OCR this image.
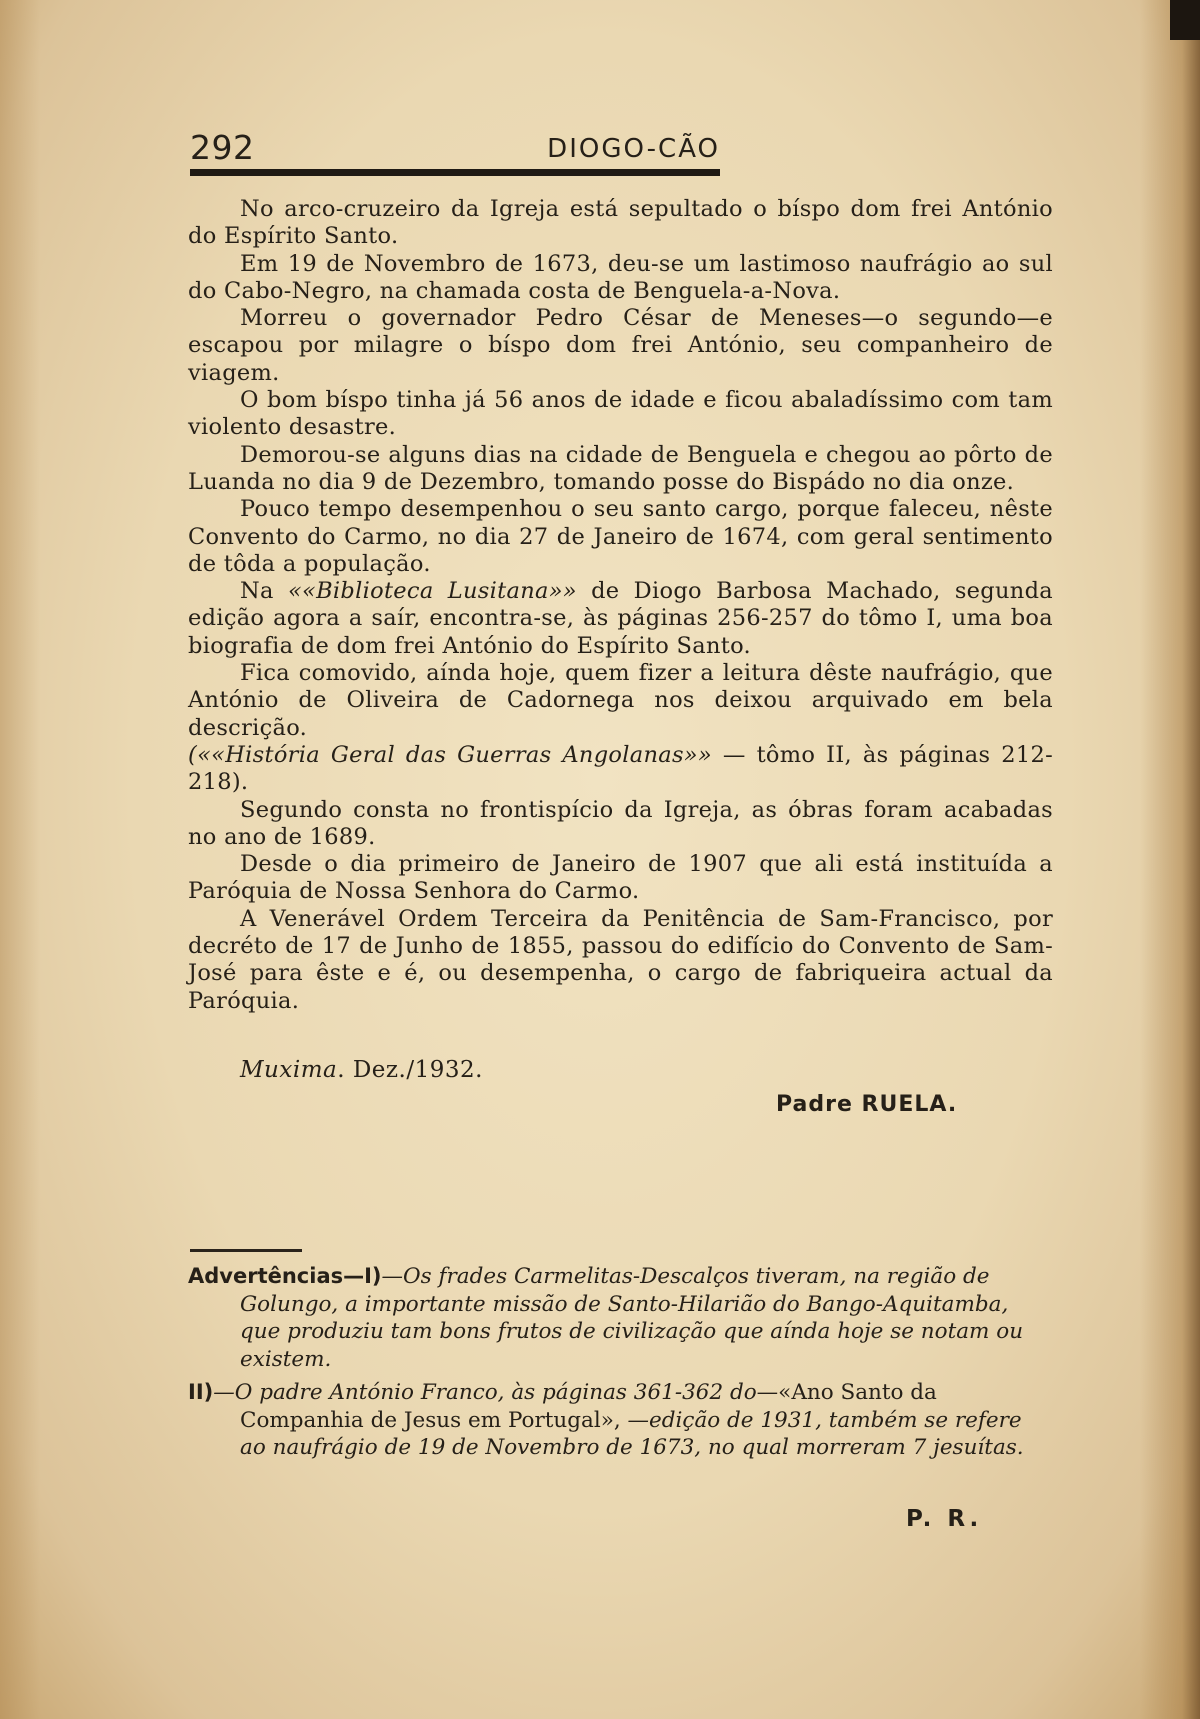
292	DIOGO-CÃO

No arco-cruzeiro da Igreja está sepultado o bíspo dom frei António do Espírito Santo.

Em 19 de Novembro de 1673, deu-se um lastimoso naufrágio ao sul do Cabo-Negro, na chamada costa de Benguela-a-Nova.

Morreu o governador Pedro César de Meneses—o segundo—e escapou por milagre o bíspo dom frei António, seu companheiro de viagem.

O bom bíspo tinha já 56 anos de idade e ficou abaladíssimo com tam violento desastre.

Demorou-se alguns dias na cidade de Benguela e chegou ao pôrto de Luanda no dia 9 de Dezembro, tomando posse do Bispádo no dia onze.

Pouco tempo desempenhou o seu santo cargo, porque faleceu, nêste Convento do Carmo, no dia 27 de Janeiro de 1674, com geral sentimento de tôda a população.

Na ««Biblioteca Lusitana»» de Diogo Barbosa Machado, segunda edição agora a saír, encontra-se, às páginas 256-257 do tômo I, uma boa biografia de dom frei António do Espírito Santo.

Fica comovido, aínda hoje, quem fizer a leitura dêste naufrágio, que António de Oliveira de Cadornega nos deixou arquivado em bela descrição.

(««História Geral das Guerras Angolanas»» — tômo II, às páginas 212-218).

Segundo consta no frontispício da Igreja, as óbras foram acabadas no ano de 1689.

Desde o dia primeiro de Janeiro de 1907 que ali está instituída a Paróquia de Nossa Senhora do Carmo.

A Venerável Ordem Terceira da Penitência de Sam-Francisco, por decréto de 17 de Junho de 1855, passou do edifício do Convento de Sam-José para êste e é, ou desempenha, o cargo de fabriqueira actual da Paróquia.

Muxima. Dez./1932.
Padre RUELA.

Advertências—I)—Os frades Carmelitas-Descalços tiveram, na região de Golungo, a importante missão de Santo-Hilarião do Bango-Aquitamba, que produziu tam bons frutos de civilização que aínda hoje se notam ou existem.

II)—O padre António Franco, às páginas 361-362 do—«Ano Santo da Companhia de Jesus em Portugal», —edição de 1931, também se refere ao naufrágio de 19 de Novembro de 1673, no qual morreram 7 jesuítas.

P. R.
